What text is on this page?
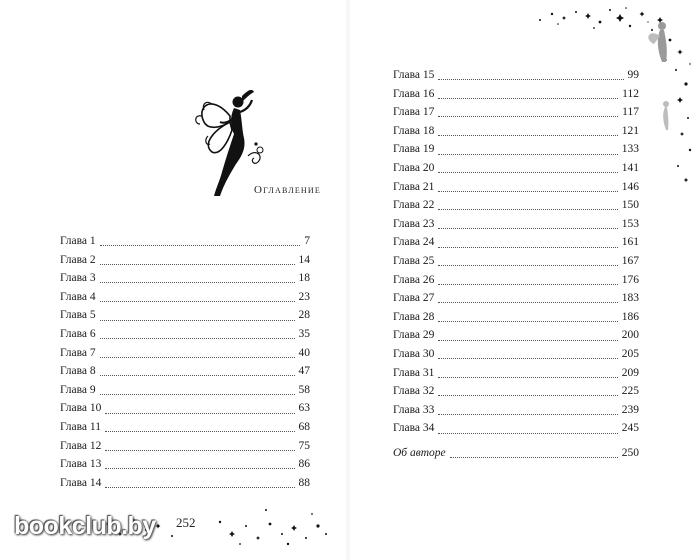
Оглавление
Глава 1	7
Глава 2	14
Глава 3	18
Глава 4	23
Глава 5	28
Глава 6	35
Глава 7	40
Глава 8	47
Глава 9	58
Глава 10	63
Глава 11	68
Глава 12	75
Глава 13	86
Глава 14	88
Глава 15	99
Глава 16	112
Глава 17	117
Глава 18	121
Глава 19	133
Глава 20	141
Глава 21	146
Глава 22	150
Глава 23	153
Глава 24	161
Глава 25	167
Глава 26	176
Глава 27	183
Глава 28	186
Глава 29	200
Глава 30	205
Глава 31	209
Глава 32	225
Глава 33	239
Глава 34	245
Об авторе	250
252
bookclub.by
